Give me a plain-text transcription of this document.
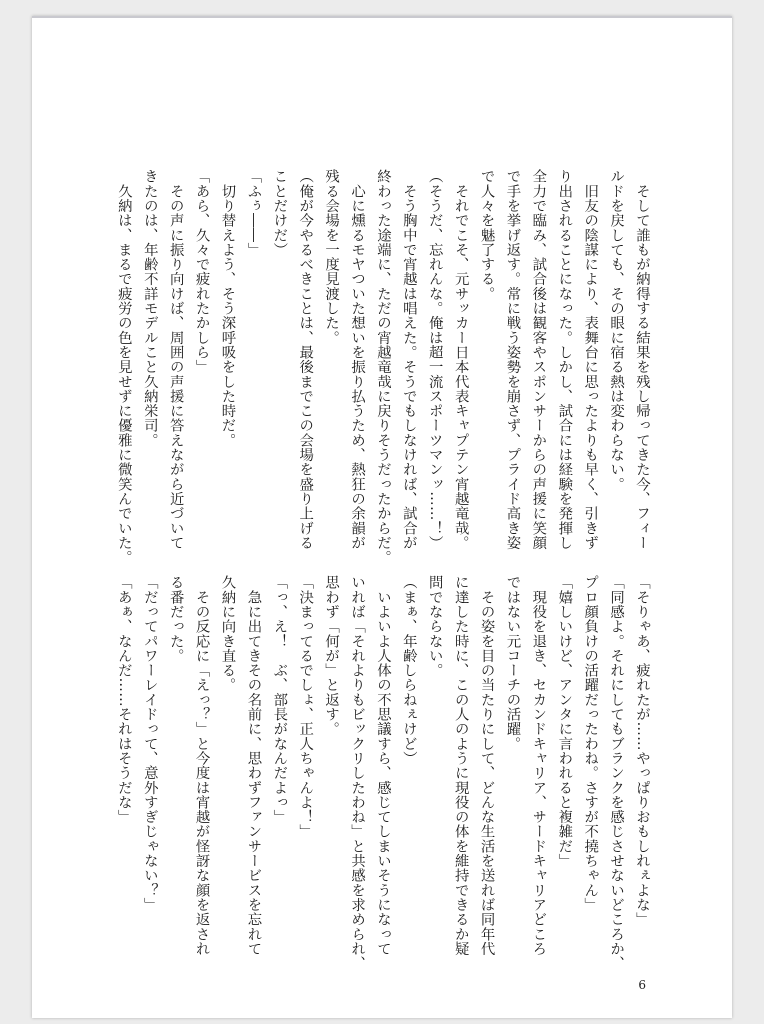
　そして誰もが納得する結果を残し帰ってきた今、フィー
ルドを戻しても、その眼に宿る熱は変わらない。
　旧友の陰謀により、表舞台に思ったよりも早く、引きず
り出されることになった。しかし、試合には経験を発揮し
全力で臨み、試合後は観客やスポンサーからの声援に笑顔
で手を挙げ返す。常に戦う姿勢を崩さず、プライド高き姿
で人々を魅了する。
　それでこそ、元サッカー日本代表キャプテン宵越竜哉。
（そうだ、忘れんな。俺は超一流スポーツマンッ……！）
　そう胸中で宵越は唱えた。そうでもしなければ、試合が
終わった途端に、ただの宵越竜哉に戻りそうだったからだ。
　心に燻るモヤついた想いを振り払うため、熱狂の余韻が
残る会場を一度見渡した。
（俺が今やるべきことは、最後までこの会場を盛り上げる
ことだけだ）
「ふぅ――」
　切り替えよう、そう深呼吸をした時だ。
「あら、久々で疲れたかしら」
　その声に振り向けば、周囲の声援に答えながら近づいて
きたのは、年齢不詳モデルこと久納栄司。
　久納は、まるで疲労の色を見せずに優雅に微笑んでいた。
「そりゃあ、疲れたが……やっぱりおもしれぇよな」
「同感よ。それにしてもブランクを感じさせないどころか、
プロ顔負けの活躍だったわね。さすが不撓ちゃん」
「嬉しいけど、アンタに言われると複雑だ」
　現役を退き、セカンドキャリア、サードキャリアどころ
ではない元コーチの活躍。
　その姿を目の当たりにして、どんな生活を送れば同年代
に達した時に、この人のように現役の体を維持できるか疑
問でならない。
（まぁ、年齢しらねぇけど）
　いよいよ人体の不思議すら、感じてしまいそうになって
いれば「それよりもビックリしたわね」と共感を求められ、
思わず「何が」と返す。
「決まってるでしょ、正人ちゃんよ！」
「っ、え！　ぶ、部長がなんだよっ」
　急に出てきその名前に、思わずファンサービスを忘れて
久納に向き直る。
　その反応に「えっ？」と今度は宵越が怪訝な顔を返され
る番だった。
「だってパワーレイドって、意外すぎじゃない？」
「あぁ、なんだ……それはそうだな」
6
